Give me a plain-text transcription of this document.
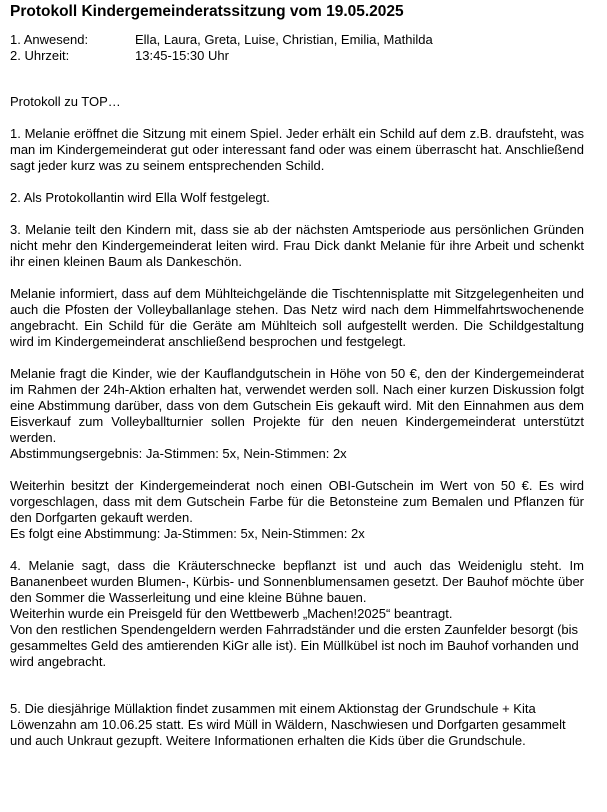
Protokoll Kindergemeinderatssitzung vom 19.05.2025
1. Anwesend:	Ella, Laura, Greta, Luise, Christian, Emilia, Mathilda
2. Uhrzeit:	13:45-15:30 Uhr
Protokoll zu TOP…

1. Melanie eröffnet die Sitzung mit einem Spiel. Jeder erhält ein Schild auf dem z.B. draufsteht, was man im Kindergemeinderat gut oder interessant fand oder was einem überrascht hat. Anschließend sagt jeder kurz was zu seinem entsprechenden Schild.

2. Als Protokollantin wird Ella Wolf festgelegt.

3. Melanie teilt den Kindern mit, dass sie ab der nächsten Amtsperiode aus persönlichen Gründen nicht mehr den Kindergemeinderat leiten wird. Frau Dick dankt Melanie für ihre Arbeit und schenkt ihr einen kleinen Baum als Dankeschön.

Melanie informiert, dass auf dem Mühlteichgelände die Tischtennisplatte mit Sitzgelegenheiten und auch die Pfosten der Volleyballanlage stehen. Das Netz wird nach dem Himmelfahrtswochenende angebracht. Ein Schild für die Geräte am Mühlteich soll aufgestellt werden. Die Schildgestaltung wird im Kindergemeinderat anschließend besprochen und festgelegt.

Melanie fragt die Kinder, wie der Kauflandgutschein in Höhe von 50 €, den der Kindergemeinderat im Rahmen der 24h-Aktion erhalten hat, verwendet werden soll. Nach einer kurzen Diskussion folgt eine Abstimmung darüber, dass von dem Gutschein Eis gekauft wird. Mit den Einnahmen aus dem Eisverkauf zum Volleyballturnier sollen Projekte für den neuen Kindergemeinderat unterstützt werden.

Abstimmungsergebnis: Ja-Stimmen: 5x, Nein-Stimmen: 2x

Weiterhin besitzt der Kindergemeinderat noch einen OBI-Gutschein im Wert von 50 €. Es wird vorgeschlagen, dass mit dem Gutschein Farbe für die Betonsteine zum Bemalen und Pflanzen für den Dorfgarten gekauft werden.

Es folgt eine Abstimmung: Ja-Stimmen: 5x, Nein-Stimmen: 2x

4. Melanie sagt, dass die Kräuterschnecke bepflanzt ist und auch das Weideniglu steht. Im Bananenbeet wurden Blumen-, Kürbis- und Sonnenblumensamen gesetzt. Der Bauhof möchte über den Sommer die Wasserleitung und eine kleine Bühne bauen.

Weiterhin wurde ein Preisgeld für den Wettbewerb „Machen!2025“ beantragt.

Von den restlichen Spendengeldern werden Fahrradständer und die ersten Zaunfelder besorgt (bis gesammeltes Geld des amtierenden KiGr alle ist). Ein Müllkübel ist noch im Bauhof vorhanden und wird angebracht.

5. Die diesjährige Müllaktion findet zusammen mit einem Aktionstag der Grundschule + Kita Löwenzahn am 10.06.25 statt. Es wird Müll in Wäldern, Naschwiesen und Dorfgarten gesammelt und auch Unkraut gezupft. Weitere Informationen erhalten die Kids über die Grundschule.
